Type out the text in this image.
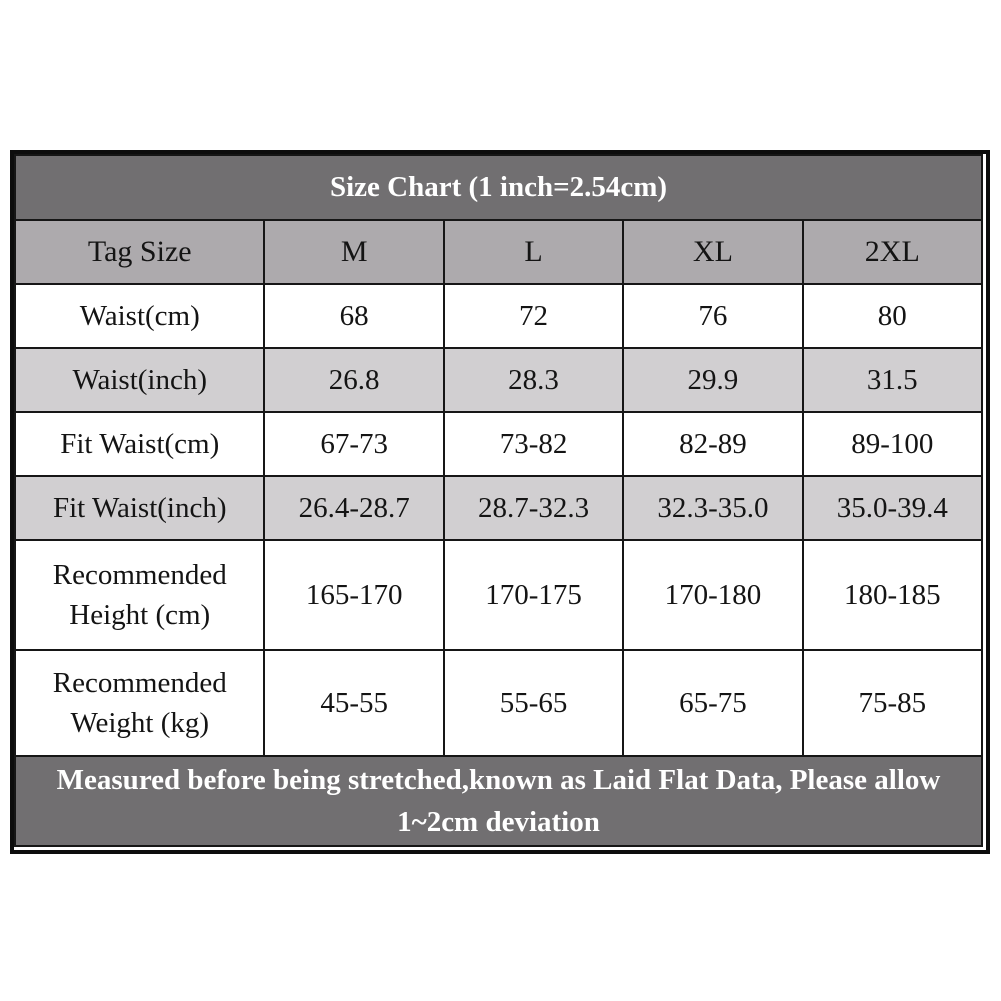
Size Chart (1 inch=2.54cm)				
Tag Size	M	L	XL	2XL
Waist(cm)	68	72	76	80
Waist(inch)	26.8	28.3	29.9	31.5
Fit Waist(cm)	67-73	73-82	82-89	89-100
Fit Waist(inch)	26.4-28.7	28.7-32.3	32.3-35.0	35.0-39.4
Recommended Height (cm)	165-170	170-175	170-180	180-185
Recommended Weight (kg)	45-55	55-65	65-75	75-85
Measured before being stretched,known as Laid Flat Data, Please allow 1~2cm deviation				
